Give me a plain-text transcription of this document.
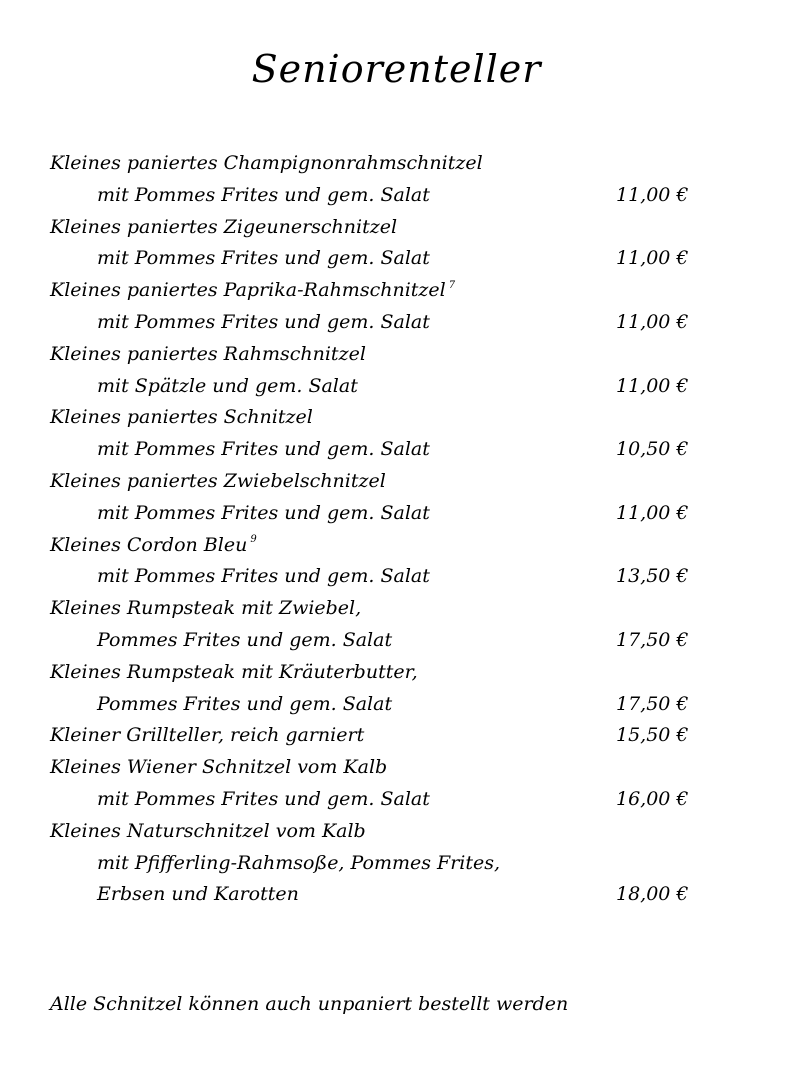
Seniorenteller
Kleines paniertes Champignonrahmschnitzel
mit Pommes Frites und gem. Salat	11,00 €
Kleines paniertes Zigeunerschnitzel
mit Pommes Frites und gem. Salat	11,00 €
Kleines paniertes Paprika-Rahmschnitzel $^7$
mit Pommes Frites und gem. Salat	11,00 €
Kleines paniertes Rahmschnitzel
mit Spätzle und gem. Salat	11,00 €
Kleines paniertes Schnitzel
mit Pommes Frites und gem. Salat	10,50 €
Kleines paniertes Zwiebelschnitzel
mit Pommes Frites und gem. Salat	11,00 €
Kleines Cordon Bleu $^9$
mit Pommes Frites und gem. Salat	13,50 €
Kleines Rumpsteak mit Zwiebel,
Pommes Frites und gem. Salat	17,50 €
Kleines Rumpsteak mit Kräuterbutter,
Pommes Frites und gem. Salat	17,50 €
Kleiner Grillteller, reich garniert	15,50 €
Kleines Wiener Schnitzel vom Kalb
mit Pommes Frites und gem. Salat	16,00 €
Kleines Naturschnitzel vom Kalb
mit Pfifferling-Rahmsoße, Pommes Frites,
Erbsen und Karotten	18,00 €
Alle Schnitzel können auch unpaniert bestellt werden
